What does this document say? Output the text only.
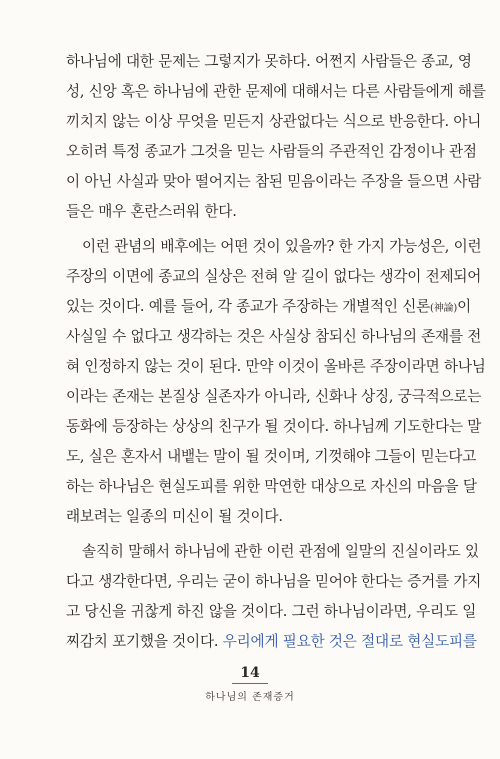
하나님에 대한 문제는 그렇지가 못하다. 어쩐지 사람들은 종교, 영
성, 신앙 혹은 하나님에 관한 문제에 대해서는 다른 사람들에게 해를
끼치지 않는 이상 무엇을 믿든지 상관없다는 식으로 반응한다. 아니
오히려 특정 종교가 그것을 믿는 사람들의 주관적인 감정이나 관점
이 아닌 사실과 맞아 떨어지는 참된 믿음이라는 주장을 들으면 사람
들은 매우 혼란스러워 한다.
이런 관념의 배후에는 어떤 것이 있을까? 한 가지 가능성은, 이런
주장의 이면에 종교의 실상은 전혀 알 길이 없다는 생각이 전제되어
있는 것이다. 예를 들어, 각 종교가 주장하는 개별적인 신론(神論)이
사실일 수 없다고 생각하는 것은 사실상 참되신 하나님의 존재를 전
혀 인정하지 않는 것이 된다. 만약 이것이 올바른 주장이라면 하나님
이라는 존재는 본질상 실존자가 아니라, 신화나 상징, 궁극적으로는
동화에 등장하는 상상의 친구가 될 것이다. 하나님께 기도한다는 말
도, 실은 혼자서 내뱉는 말이 될 것이며, 기껏해야 그들이 믿는다고
하는 하나님은 현실도피를 위한 막연한 대상으로 자신의 마음을 달
래보려는 일종의 미신이 될 것이다.
솔직히 말해서 하나님에 관한 이런 관점에 일말의 진실이라도 있
다고 생각한다면, 우리는 굳이 하나님을 믿어야 한다는 증거를 가지
고 당신을 귀찮게 하진 않을 것이다. 그런 하나님이라면, 우리도 일
찌감치 포기했을 것이다. 우리에게 필요한 것은 절대로 현실도피를
14
하나님의 존재증거
